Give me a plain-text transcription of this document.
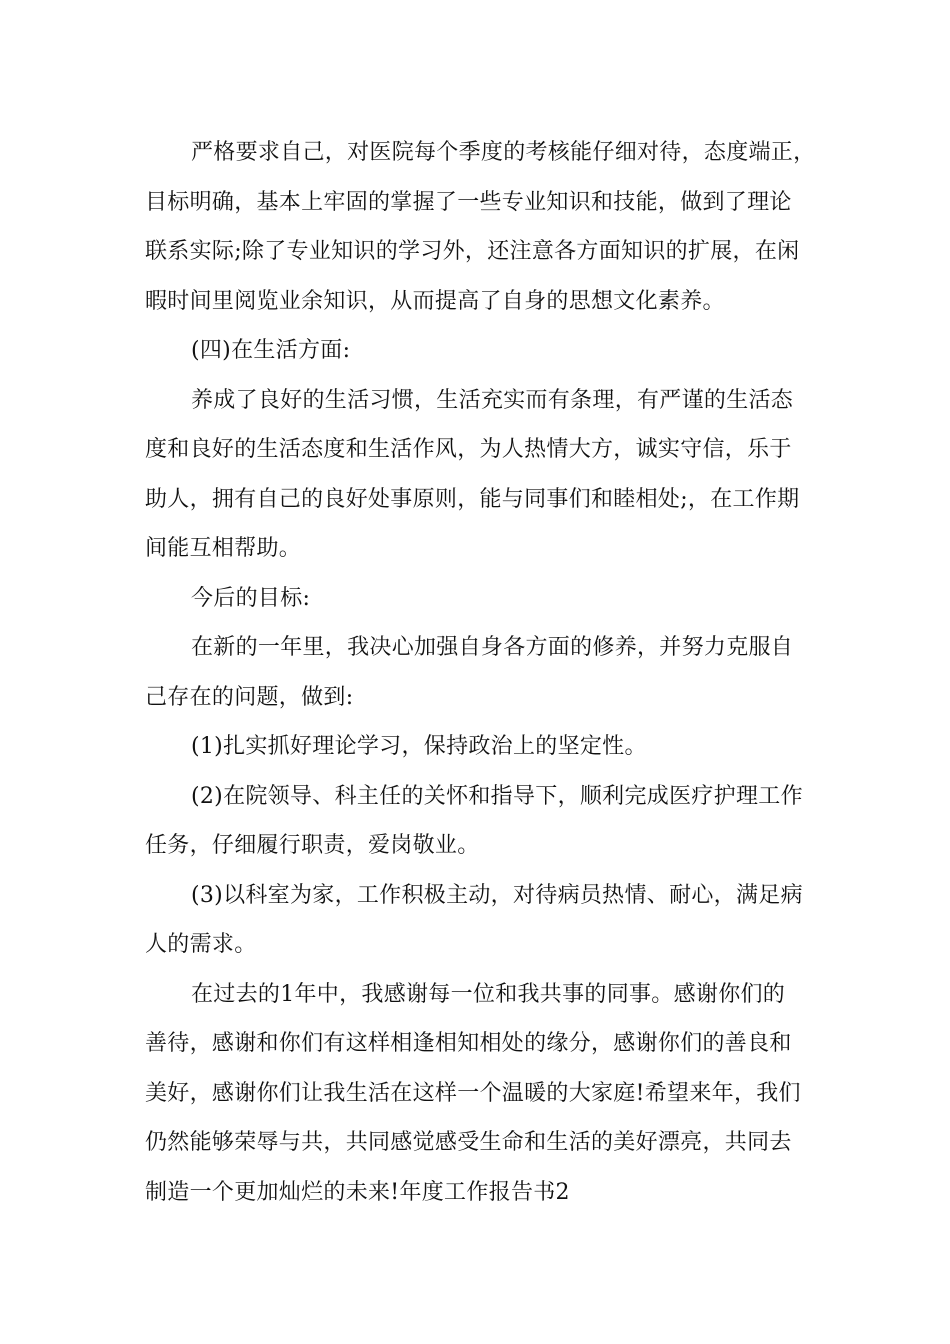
严格要求自己，对医院每个季度的考核能仔细对待，态度端正，
目标明确，基本上牢固的掌握了一些专业知识和技能，做到了理论
联系实际;除了专业知识的学习外，还注意各方面知识的扩展，在闲
暇时间里阅览业余知识，从而提高了自身的思想文化素养。
(四)在生活方面:
养成了良好的生活习惯，生活充实而有条理，有严谨的生活态
度和良好的生活态度和生活作风，为人热情大方，诚实守信，乐于
助人，拥有自己的良好处事原则，能与同事们和睦相处;，在工作期
间能互相帮助。
今后的目标:
在新的一年里，我决心加强自身各方面的修养，并努力克服自
己存在的问题，做到:
(1)扎实抓好理论学习，保持政治上的坚定性。
(2)在院领导、科主任的关怀和指导下，顺利完成医疗护理工作
任务，仔细履行职责，爱岗敬业。
(3)以科室为家，工作积极主动，对待病员热情、耐心，满足病
人的需求。
在过去的1年中，我感谢每一位和我共事的同事。感谢你们的
善待，感谢和你们有这样相逢相知相处的缘分，感谢你们的善良和
美好，感谢你们让我生活在这样一个温暖的大家庭!希望来年，我们
仍然能够荣辱与共，共同感觉感受生命和生活的美好漂亮，共同去
制造一个更加灿烂的未来!年度工作报告书2
